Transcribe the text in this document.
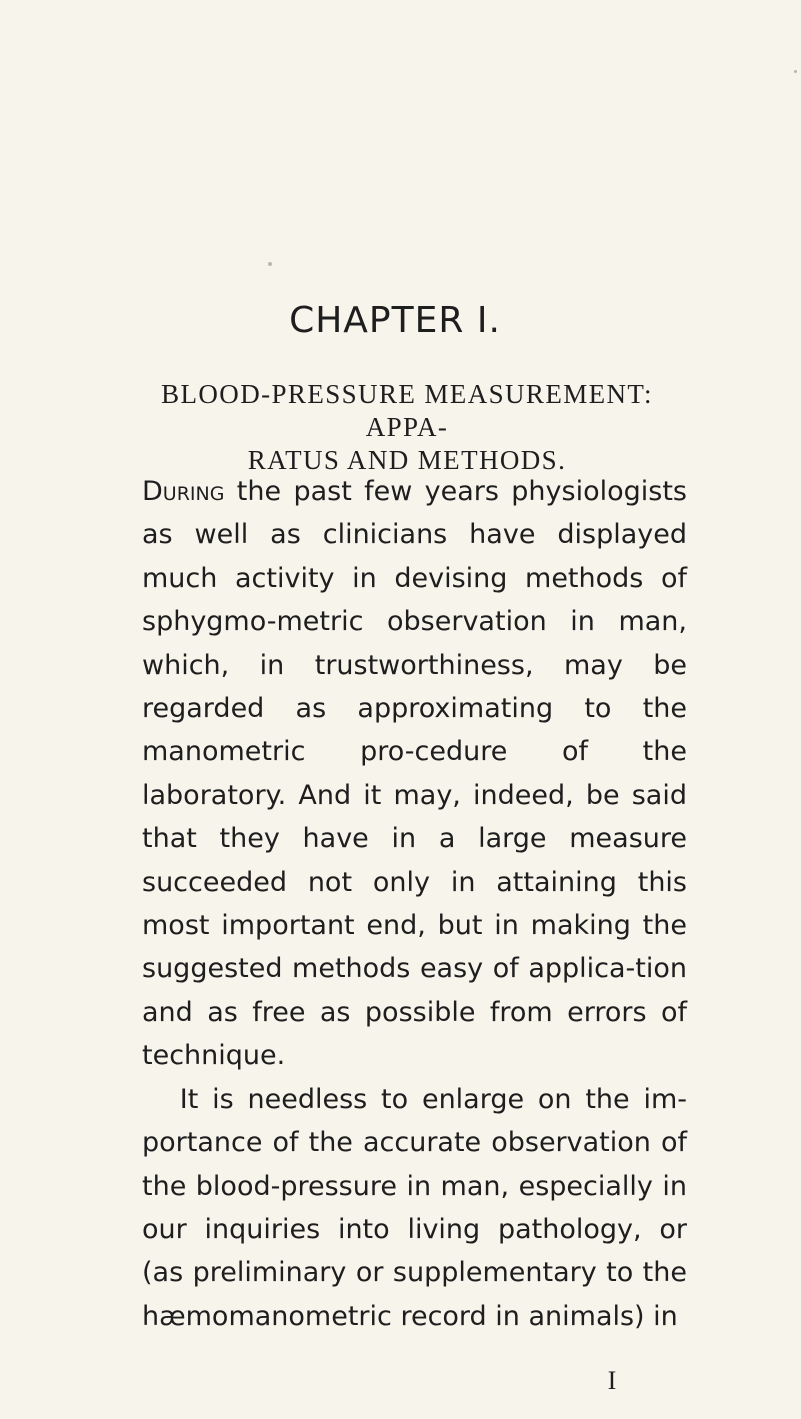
CHAPTER I.
BLOOD-PRESSURE MEASUREMENT: APPA-
RATUS AND METHODS.

During the past few years physiologists as well as clinicians have displayed much activity in devising methods of sphygmo-metric observation in man, which, in trustworthiness, may be regarded as approximating to the manometric pro-cedure of the laboratory. And it may, indeed, be said that they have in a large measure succeeded not only in attaining this most important end, but in making the suggested methods easy of applica-tion and as free as possible from errors of technique.

It is needless to enlarge on the im-portance of the accurate observation of the blood-pressure in man, especially in our inquiries into living pathology, or (as preliminary or supplementary to the hæmomanometric record in animals) in

I
